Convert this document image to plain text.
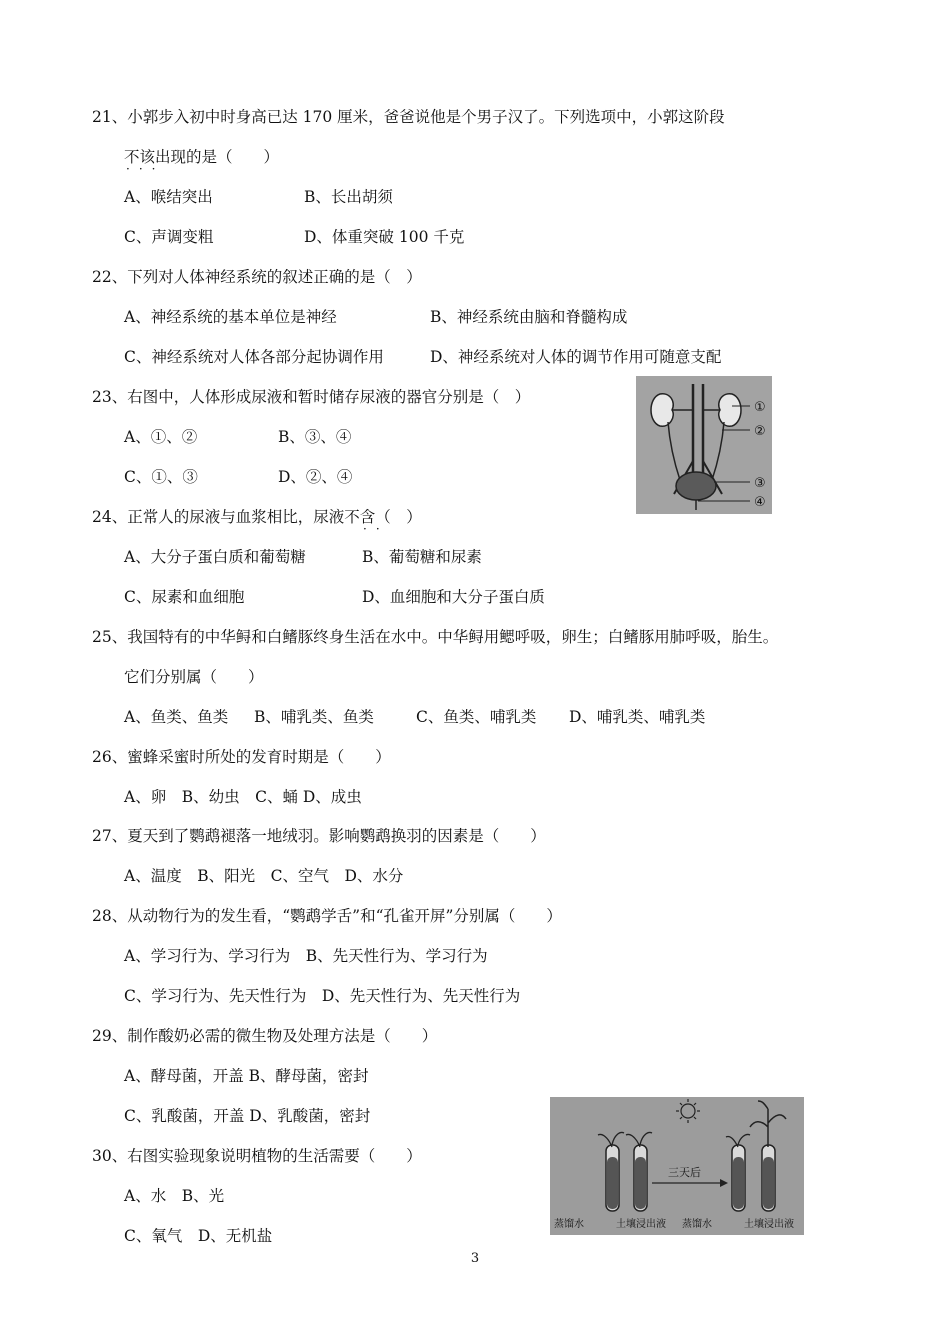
21、小郭步入初中时身高已达 170 厘米，爸爸说他是个男子汉了。下列选项中，小郭这阶段
不该出现的是（　　）
·​·​·
A、喉结突出	B、长出胡须
C、声调变粗	D、体重突破 100 千克
22、下列对人体神经系统的叙述正确的是（　）
A、神经系统的基本单位是神经	B、神经系统由脑和脊髓构成
C、神经系统对人体各部分起协调作用	D、神经系统对人体的调节作用可随意支配
23、右图中，人体形成尿液和暂时储存尿液的器官分别是（　）
A、①、②	B、③、④
C、①、③	D、②、④
①
②
③
④
24、正常人的尿液与血浆相比，尿液不含（　）
·​·
A、大分子蛋白质和葡萄糖	B、葡萄糖和尿素
C、尿素和血细胞	D、血细胞和大分子蛋白质
25、我国特有的中华鲟和白鳍豚终身生活在水中。中华鲟用鳃呼吸，卵生；白鳍豚用肺呼吸，胎生。
它们分别属（　　）
A、鱼类、鱼类 B、哺乳类、鱼类	C、鱼类、哺乳类 D、哺乳类、哺乳类
26、蜜蜂采蜜时所处的发育时期是（　　）
A、卵　B、幼虫　C、蛹 D、成虫
27、夏天到了鹦鹉褪落一地绒羽。影响鹦鹉换羽的因素是（　　）
A、温度　B、阳光　C、空气　D、水分
28、从动物行为的发生看，“鹦鹉学舌”和“孔雀开屏”分别属（　　）
A、学习行为、学习行为　B、先天性行为、学习行为
C、学习行为、先天性行为　D、先天性行为、先天性行为
29、制作酸奶必需的微生物及处理方法是（　　）
A、酵母菌，开盖 B、酵母菌，密封
C、乳酸菌，开盖 D、乳酸菌，密封
30、右图实验现象说明植物的生活需要（　　）
A、水　B、光
C、氧气　D、无机盐
三天后
蒸馏水	土壤浸出液 蒸馏水	土壤浸出液
3
